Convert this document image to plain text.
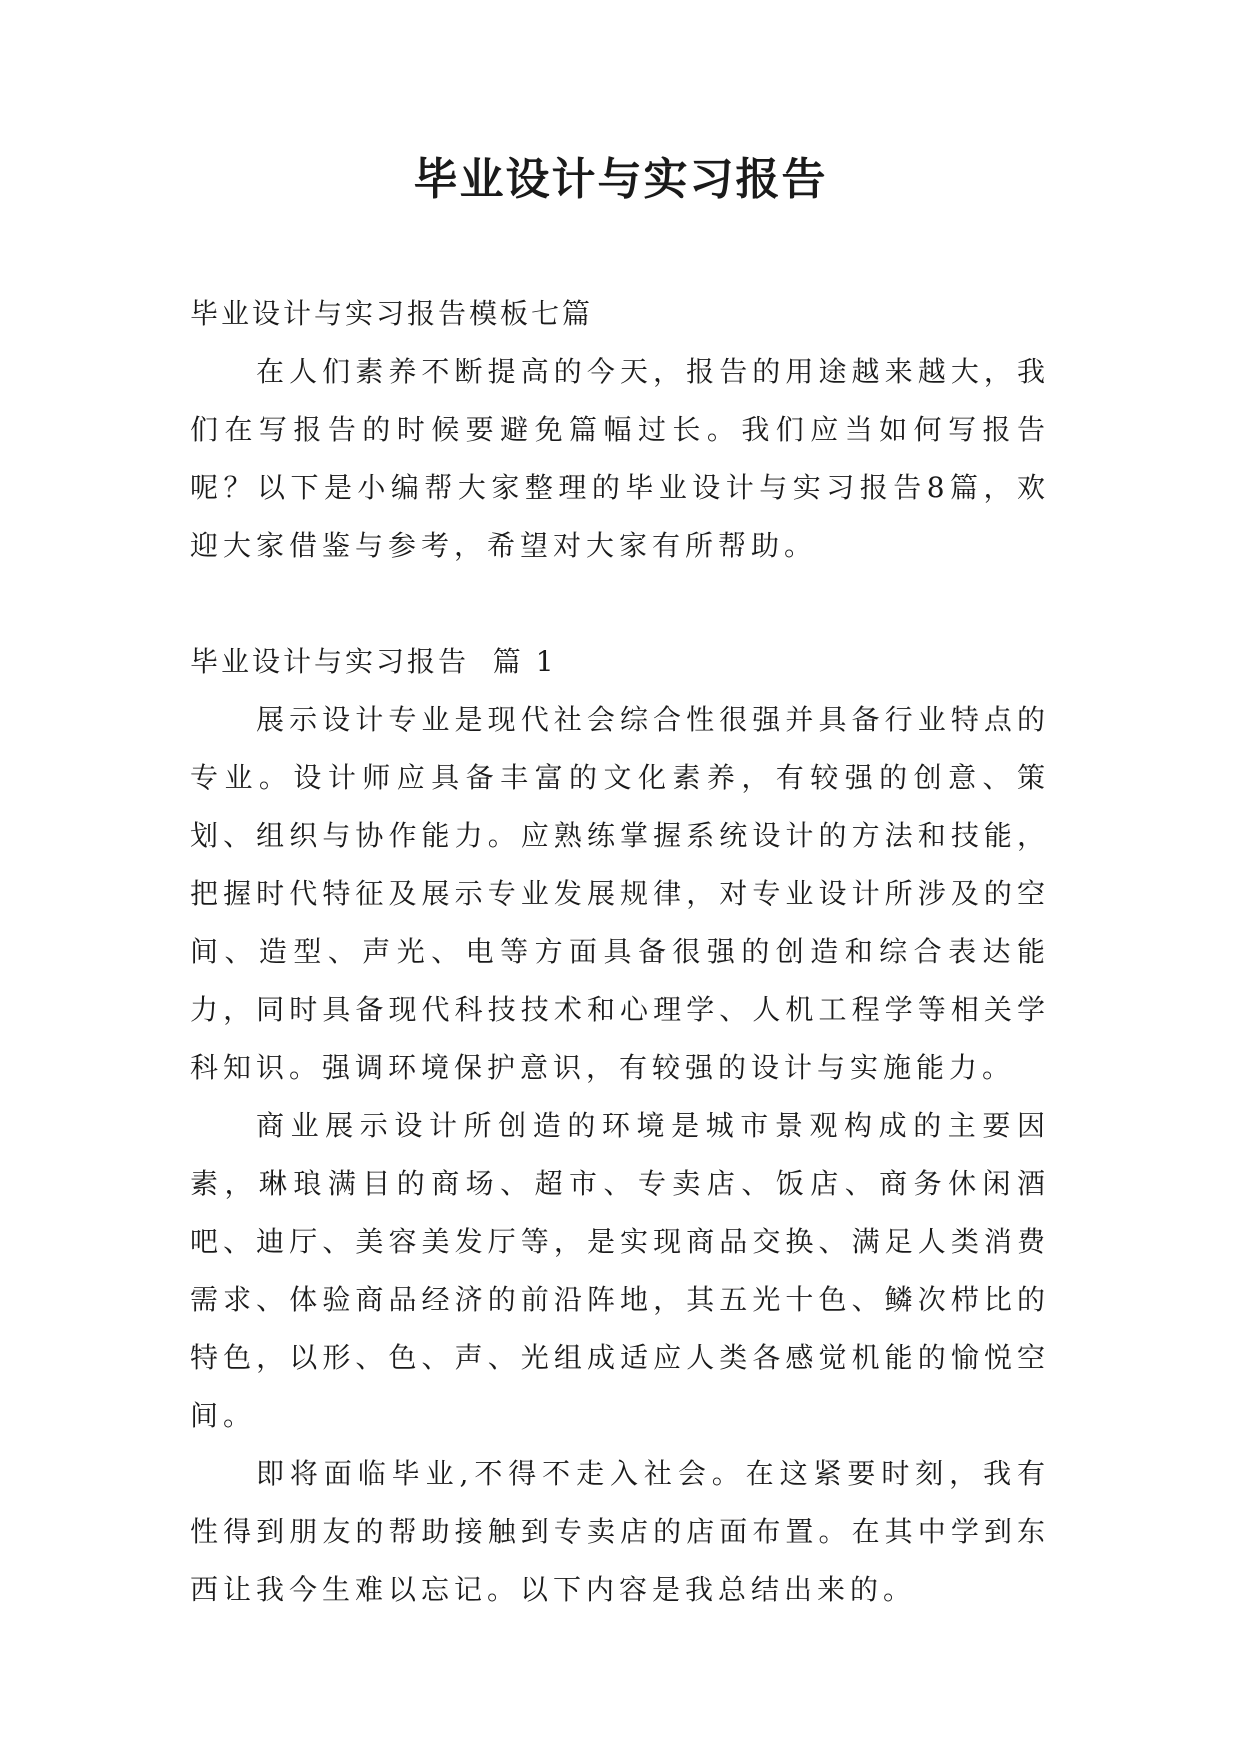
毕业设计与实习报告

毕业设计与实习报告模板七篇

在人们素养不断提高的今天，报告的用途越来越大，我们在写报告的时候要避免篇幅过长。我们应当如何写报告呢？以下是小编帮大家整理的毕业设计与实习报告8篇，欢迎大家借鉴与参考，希望对大家有所帮助。

毕业设计与实习报告  篇 1

展示设计专业是现代社会综合性很强并具备行业特点的专业。设计师应具备丰富的文化素养，有较强的创意、策划、组织与协作能力。应熟练掌握系统设计的方法和技能，把握时代特征及展示专业发展规律，对专业设计所涉及的空间、造型、声光、电等方面具备很强的创造和综合表达能力，同时具备现代科技技术和心理学、人机工程学等相关学科知识。强调环境保护意识，有较强的设计与实施能力。

商业展示设计所创造的环境是城市景观构成的主要因素，琳琅满目的商场、超市、专卖店、饭店、商务休闲酒吧、迪厅、美容美发厅等，是实现商品交换、满足人类消费需求、体验商品经济的前沿阵地，其五光十色、鳞次栉比的特色，以形、色、声、光组成适应人类各感觉机能的愉悦空间。

即将面临毕业,不得不走入社会。在这紧要时刻，我有性得到朋友的帮助接触到专卖店的店面布置。在其中学到东西让我今生难以忘记。以下内容是我总结出来的。
